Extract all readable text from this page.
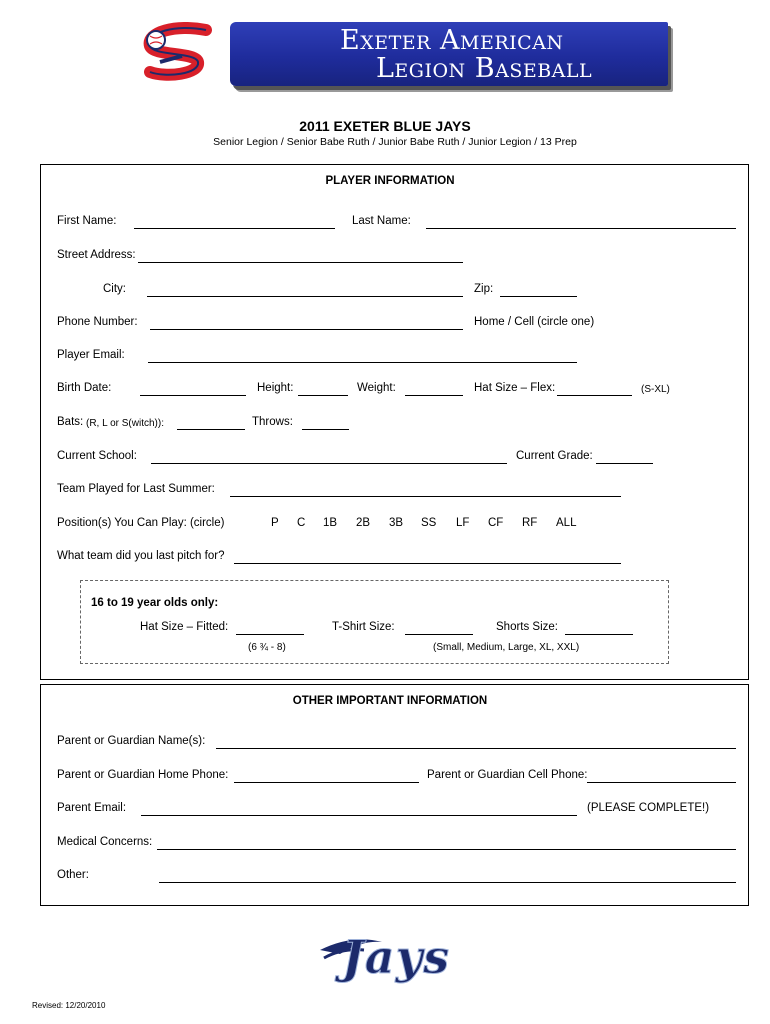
Exeter American
Legion Baseball
2011 EXETER BLUE JAYS
Senior Legion / Senior Babe Ruth / Junior Babe Ruth / Junior Legion / 13 Prep
PLAYER INFORMATION
First Name:	Last Name:
Street Address:
City:	Zip:
Phone Number:	Home / Cell (circle one)
Player Email:
Birth Date:	Height:	Weight:	Hat Size – Flex:	(S-XL)
Bats: (R, L or S(witch)):	Throws:
Current School:	Current Grade:
Team Played for Last Summer:
Position(s) You Can Play: (circle)	P C 1B 2B 3B SS LF CF RF ALL
What team did you last pitch for?
16 to 19 year olds only:
Hat Size – Fitted:	T-Shirt Size:	Shorts Size:
(6 ¾ - 8)	(Small, Medium, Large, XL, XXL)
OTHER IMPORTANT INFORMATION
Parent or Guardian Name(s):
Parent or Guardian Home Phone:	Parent or Guardian Cell Phone:
Parent Email:	(PLEASE COMPLETE!)
Medical Concerns:
Other:
Jays
Revised: 12/20/2010
